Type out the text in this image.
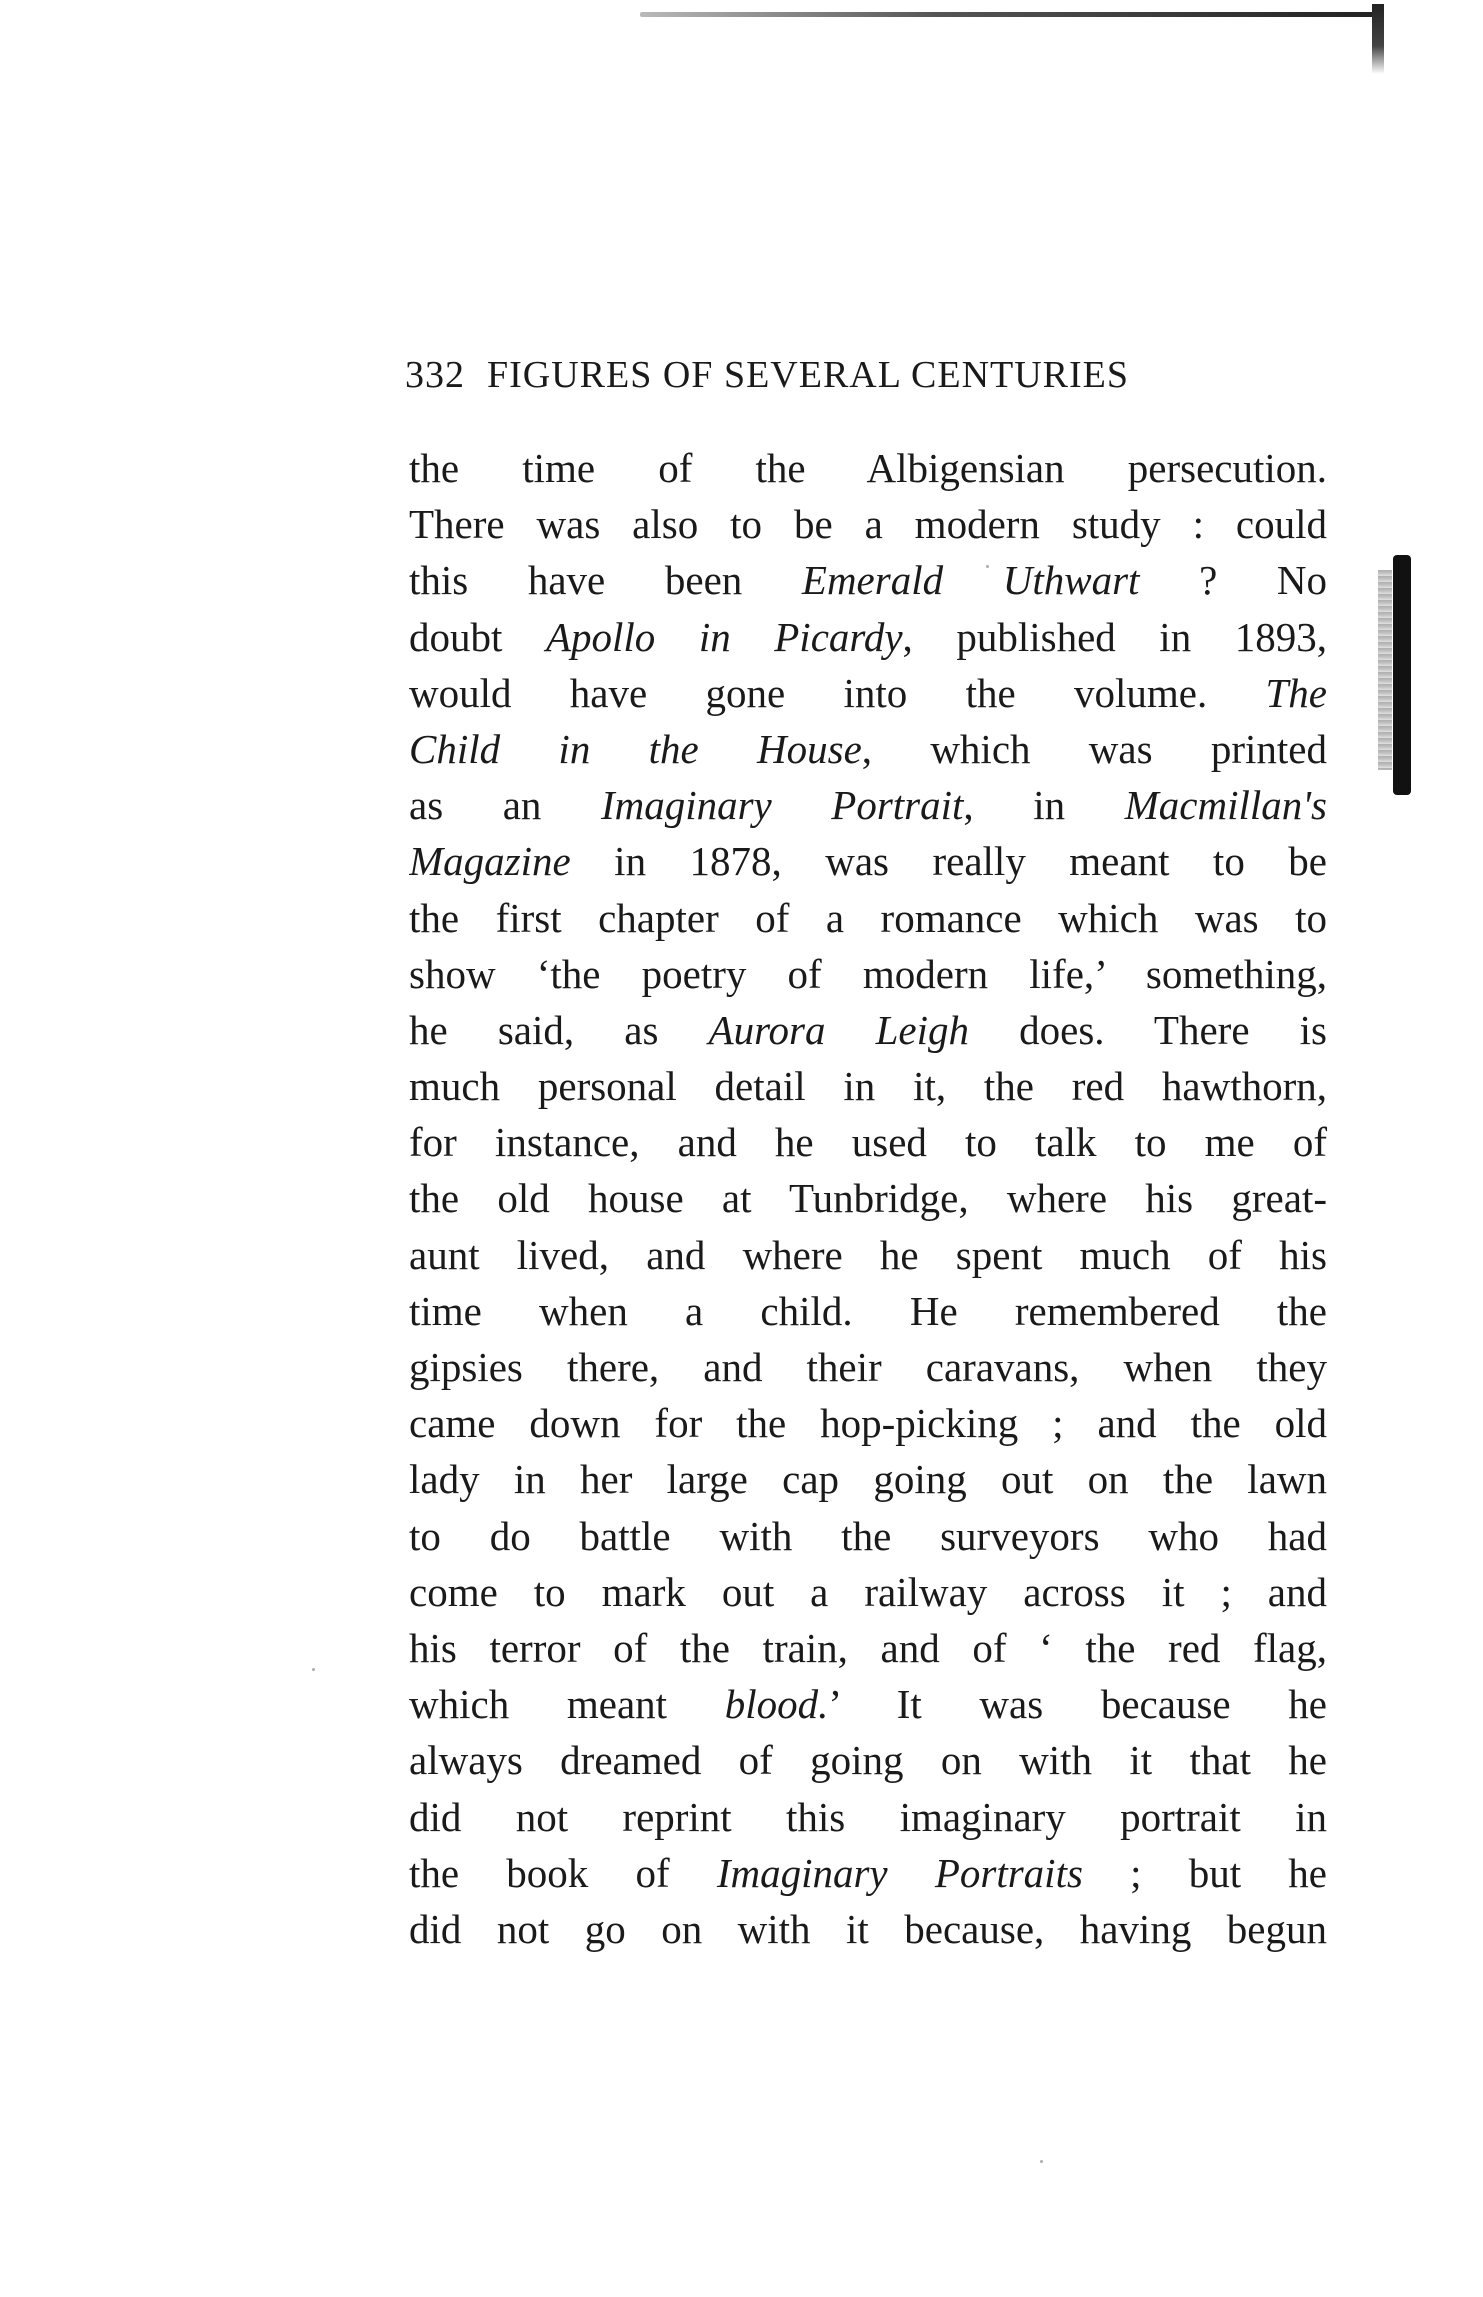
332 FIGURES OF SEVERAL CENTURIES
the time of the Albigensian persecution.
There was also to be a modern study : could
this have been Emerald Uthwart ? No
doubt Apollo in Picardy, published in 1893,
would have gone into the volume. The
Child in the House, which was printed
as an Imaginary Portrait, in Macmillan's
Magazine in 1878, was really meant to be
the first chapter of a romance which was to
show ‘the poetry of modern life,’ something,
he said, as Aurora Leigh does. There is
much personal detail in it, the red hawthorn,
for instance, and he used to talk to me of
the old house at Tunbridge, where his great-
aunt lived, and where he spent much of his
time when a child. He remembered the
gipsies there, and their caravans, when they
came down for the hop-picking ; and the old
lady in her large cap going out on the lawn
to do battle with the surveyors who had
come to mark out a railway across it ; and
his terror of the train, and of ‘ the red flag,
which meant blood.’ It was because he
always dreamed of going on with it that he
did not reprint this imaginary portrait in
the book of Imaginary Portraits ; but he
did not go on with it because, having begun
